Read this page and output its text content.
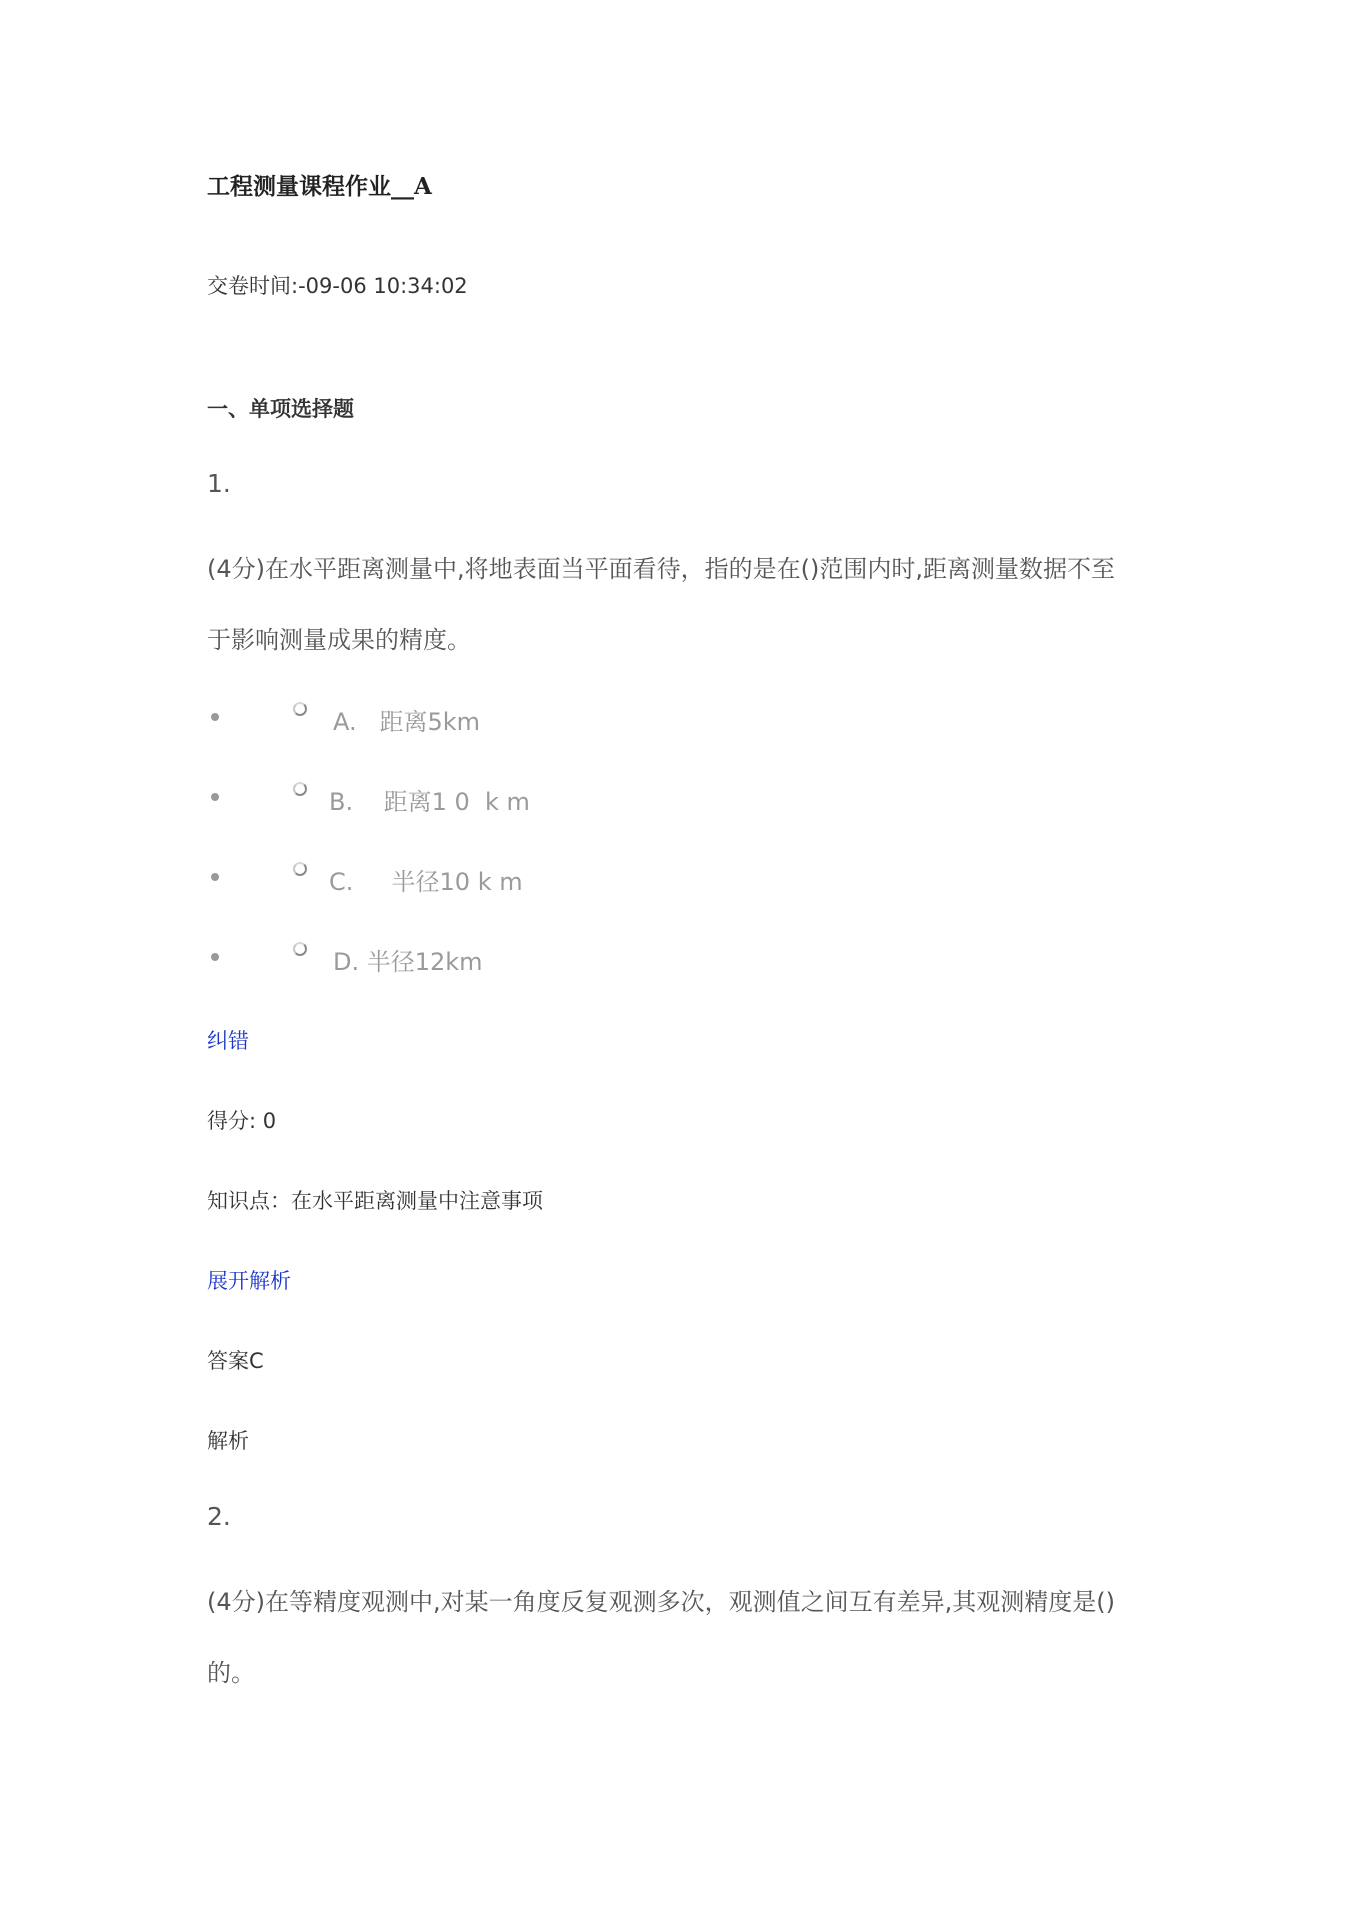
工程测量课程作业__A
交卷时间:-09-06 10:34:02
一、单项选择题
1.
(4分)在水平距离测量中,将地表面当平面看待，指的是在()范围内时,距离测量数据不至
于影响测量成果的精度。
A.   距离5km
B.    距离1 0  k m
C.     半径10 k m
D. 半径12km
纠错
得分: 0
知识点：在水平距离测量中注意事项
展开解析
答案C
解析
2.
(4分)在等精度观测中,对某一角度反复观测多次，观测值之间互有差异,其观测精度是()
的。
